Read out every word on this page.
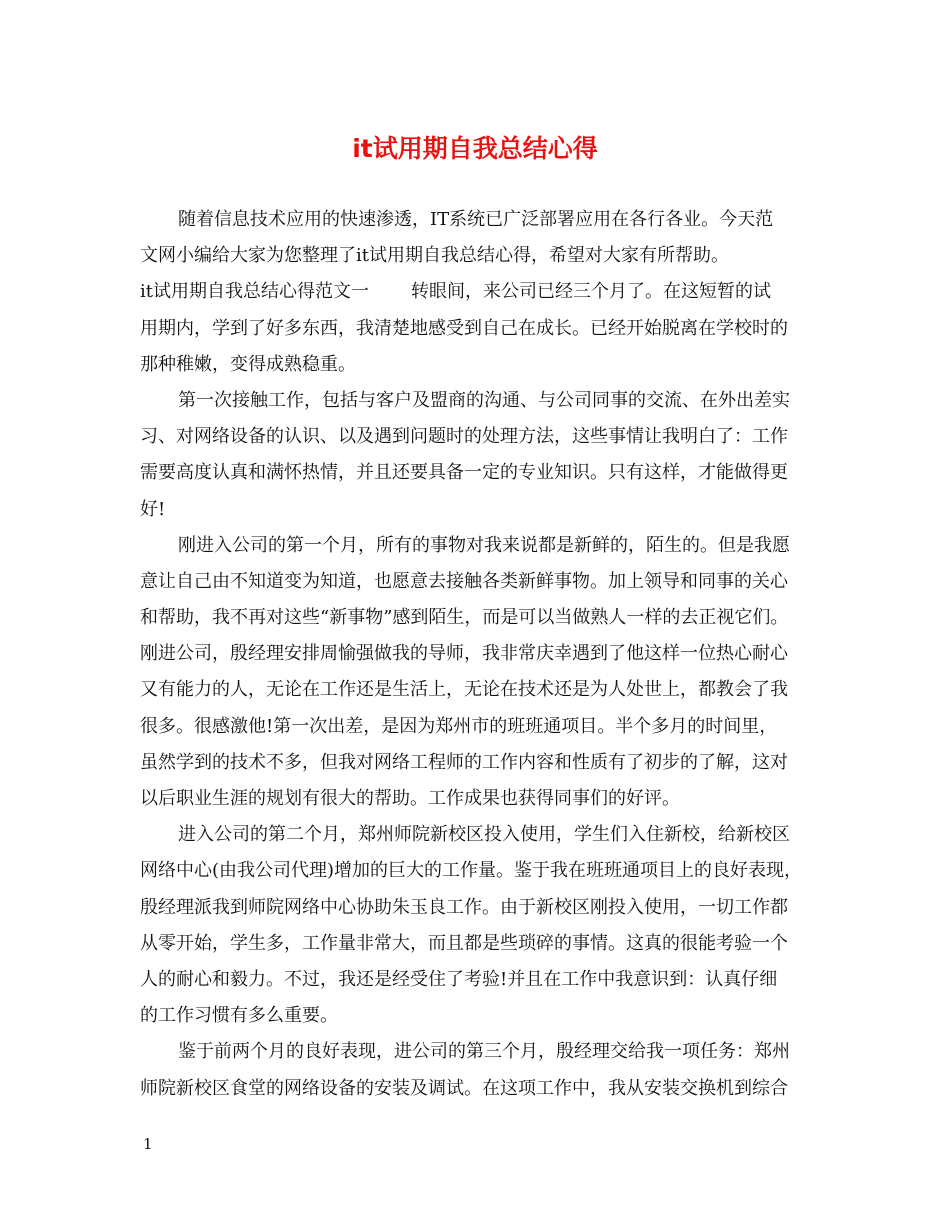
it试用期自我总结心得
随着信息技术应用的快速渗透，IT系统已广泛部署应用在各行各业。今天范
文网小编给大家为您整理了it试用期自我总结心得，希望对大家有所帮助。
it试用期自我总结心得范文一 转眼间，来公司已经三个月了。在这短暂的试
用期内，学到了好多东西，我清楚地感受到自己在成长。已经开始脱离在学校时的
那种稚嫩，变得成熟稳重。
第一次接触工作，包括与客户及盟商的沟通、与公司同事的交流、在外出差实
习、对网络设备的认识、以及遇到问题时的处理方法，这些事情让我明白了：工作
需要高度认真和满怀热情，并且还要具备一定的专业知识。只有这样，才能做得更
好!
刚进入公司的第一个月，所有的事物对我来说都是新鲜的，陌生的。但是我愿
意让自己由不知道变为知道，也愿意去接触各类新鲜事物。加上领导和同事的关心
和帮助，我不再对这些“新事物”感到陌生，而是可以当做熟人一样的去正视它们。
刚进公司，殷经理安排周愉强做我的导师，我非常庆幸遇到了他这样一位热心耐心
又有能力的人，无论在工作还是生活上，无论在技术还是为人处世上，都教会了我
很多。很感激他!第一次出差，是因为郑州市的班班通项目。半个多月的时间里，
虽然学到的技术不多，但我对网络工程师的工作内容和性质有了初步的了解，这对
以后职业生涯的规划有很大的帮助。工作成果也获得同事们的好评。
进入公司的第二个月，郑州师院新校区投入使用，学生们入住新校，给新校区
网络中心(由我公司代理)增加的巨大的工作量。鉴于我在班班通项目上的良好表现，
殷经理派我到师院网络中心协助朱玉良工作。由于新校区刚投入使用，一切工作都
从零开始，学生多，工作量非常大，而且都是些琐碎的事情。这真的很能考验一个
人的耐心和毅力。不过，我还是经受住了考验!并且在工作中我意识到：认真仔细
的工作习惯有多么重要。
鉴于前两个月的良好表现，进公司的第三个月，殷经理交给我一项任务：郑州
师院新校区食堂的网络设备的安装及调试。在这项工作中，我从安装交换机到综合
1
